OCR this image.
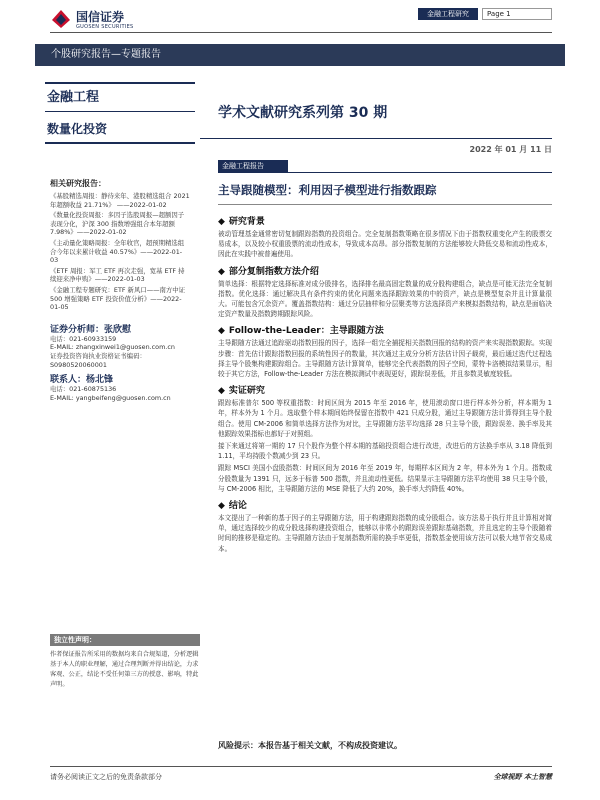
国信证券
GUOSEN SECURITIES
金融工程研究	Page 1
个股研究报告—专题报告
金融工程
数量化投资
学术文献研究系列第 30 期
2022 年 01 月 11 日
相关研究报告：
《基股精选周报：静待来年、港股精选组合 2021 年超额收益 21.71%》 ——2022-01-02
《数量化投资周报：多因子选股周报—超额因子表现分化，沪深 300 指数增强组合本年超额 7.98%》——2022-01-02
《主动量化策略周报：全年收官，超预期精选组合今年以来累计收益 40.57%》——2022-01-03
《ETF 周报：军工 ETF 再次走强，宽基 ETF 持续迎来净申购》——2022-01-03
《金融工程专题研究：ETF 新风口——南方中证 500 增强策略 ETF 投资价值分析》——2022-01-05
证券分析师：张欣慰
电话：021-60933159
E-MAIL: zhangxinwei1@guosen.com.cn
证券投资咨询执业资格证书编码：S0980520060001
联系人：杨北锋
电话：021-60875136
E-MAIL: yangbeifeng@guosen.com.cn
独立性声明：
作者保证报告所采用的数据均来自合规渠道，分析逻辑基于本人的职业理解，通过合理判断并得出结论，力求客观、公正，结论不受任何第三方的授意、影响，特此声明。
金融工程报告
主导跟随模型：利用因子模型进行指数跟踪
◆ 研究背景
被动管理基金通常密切复制跟踪指数的投资组合。完全复制指数策略在很多情况下由于指数权重变化产生的股票交易成本，以及较小权重股票的流动性成本，导致成本高昂。部分指数复制的方法能够较大降低交易和流动性成本，因此在实践中被普遍使用。
◆ 部分复制指数方法介绍
简单选择：根据特定选择标准对成分股排名，选择排名最高固定数量的成分股构建组合，缺点是可能无法完全复制指数。优化选择：通过解决具有条件约束的优化问题来选择跟踪效果的中的资产，缺点是模型复杂并且计算量很大。可能包含冗余资产。覆盖指数结构：通过分层抽样和分层聚类等方法选择资产来模拟指数结构，缺点是面临决定资产数量及指数跨期跟踪风险。
◆ Follow-the-Leader：主导跟随方法
主导跟随方法通过追踪驱动指数回报的因子，选择一组完全捕捉相关指数回报的结构的资产来实现指数跟踪。实现步骤：首先估计跟踪指数回报的系统性因子的数量，其次通过主成分分析方法估计因子载荷，最后通过迭代过程选择主导个股集构建跟踪组合。主导跟随方法计算简单，能够完全代表指数的因子空间，蒙特卡洛模拟结果显示，相较于其它方法，Follow-the-Leader 方法在模拟测试中表现更好，跟踪误差低，并且参数灵敏度较低。
◆ 实证研究
跟踪标准普尔 500 等权重指数：时间区间为 2015 年至 2016 年，使用滚动窗口进行样本外分析，样本期为 1 年，样本外为 1 个月。选取整个样本期间始终保留在指数中 421 只成分股，通过主导跟随方法计算得到主导个股组合。使用 CM-2006 和简单选择方法作为对比，主导跟随方法平均选择 28 只主导个股，跟踪误差、换手率及其他跟踪效果指标也都好于对照组。
接下来通过将第一期的 17 只个股作为整个样本期的基础投资组合进行改进，改进后的方法换手率从 3.18 降低到 1.11，平均持股个数减少到 23 只。
跟踪 MSCI 美国小盘股指数：时间区间为 2016 年至 2019 年，每期样本区间为 2 年，样本外为 1 个月。指数成分股数量为 1391 只，远多于标普 500 指数，并且流动性更低。结果显示主导跟随方法平均使用 38 只主导个股，与 CM-2006 相比，主导跟随方法的 MSE 降低了大约 20%，换手率大约降低 40%。
◆ 结论
本文提出了一种新的基于因子的主导跟随方法，用于构建跟踪指数的成分股组合。该方法易于执行并且计算相对简单，通过选择较少的成分股选择构建投资组合，能够以非常小的跟踪误差跟踪基础指数，并且选定的主导个股随着时间的推移是稳定的。主导跟随方法由于复制指数所需的换手率更低，指数基金使用该方法可以极大地节省交易成本。
风险提示：本报告基于相关文献，不构成投资建议。
请务必阅读正文之后的免责条款部分	全球视野 本土智慧
